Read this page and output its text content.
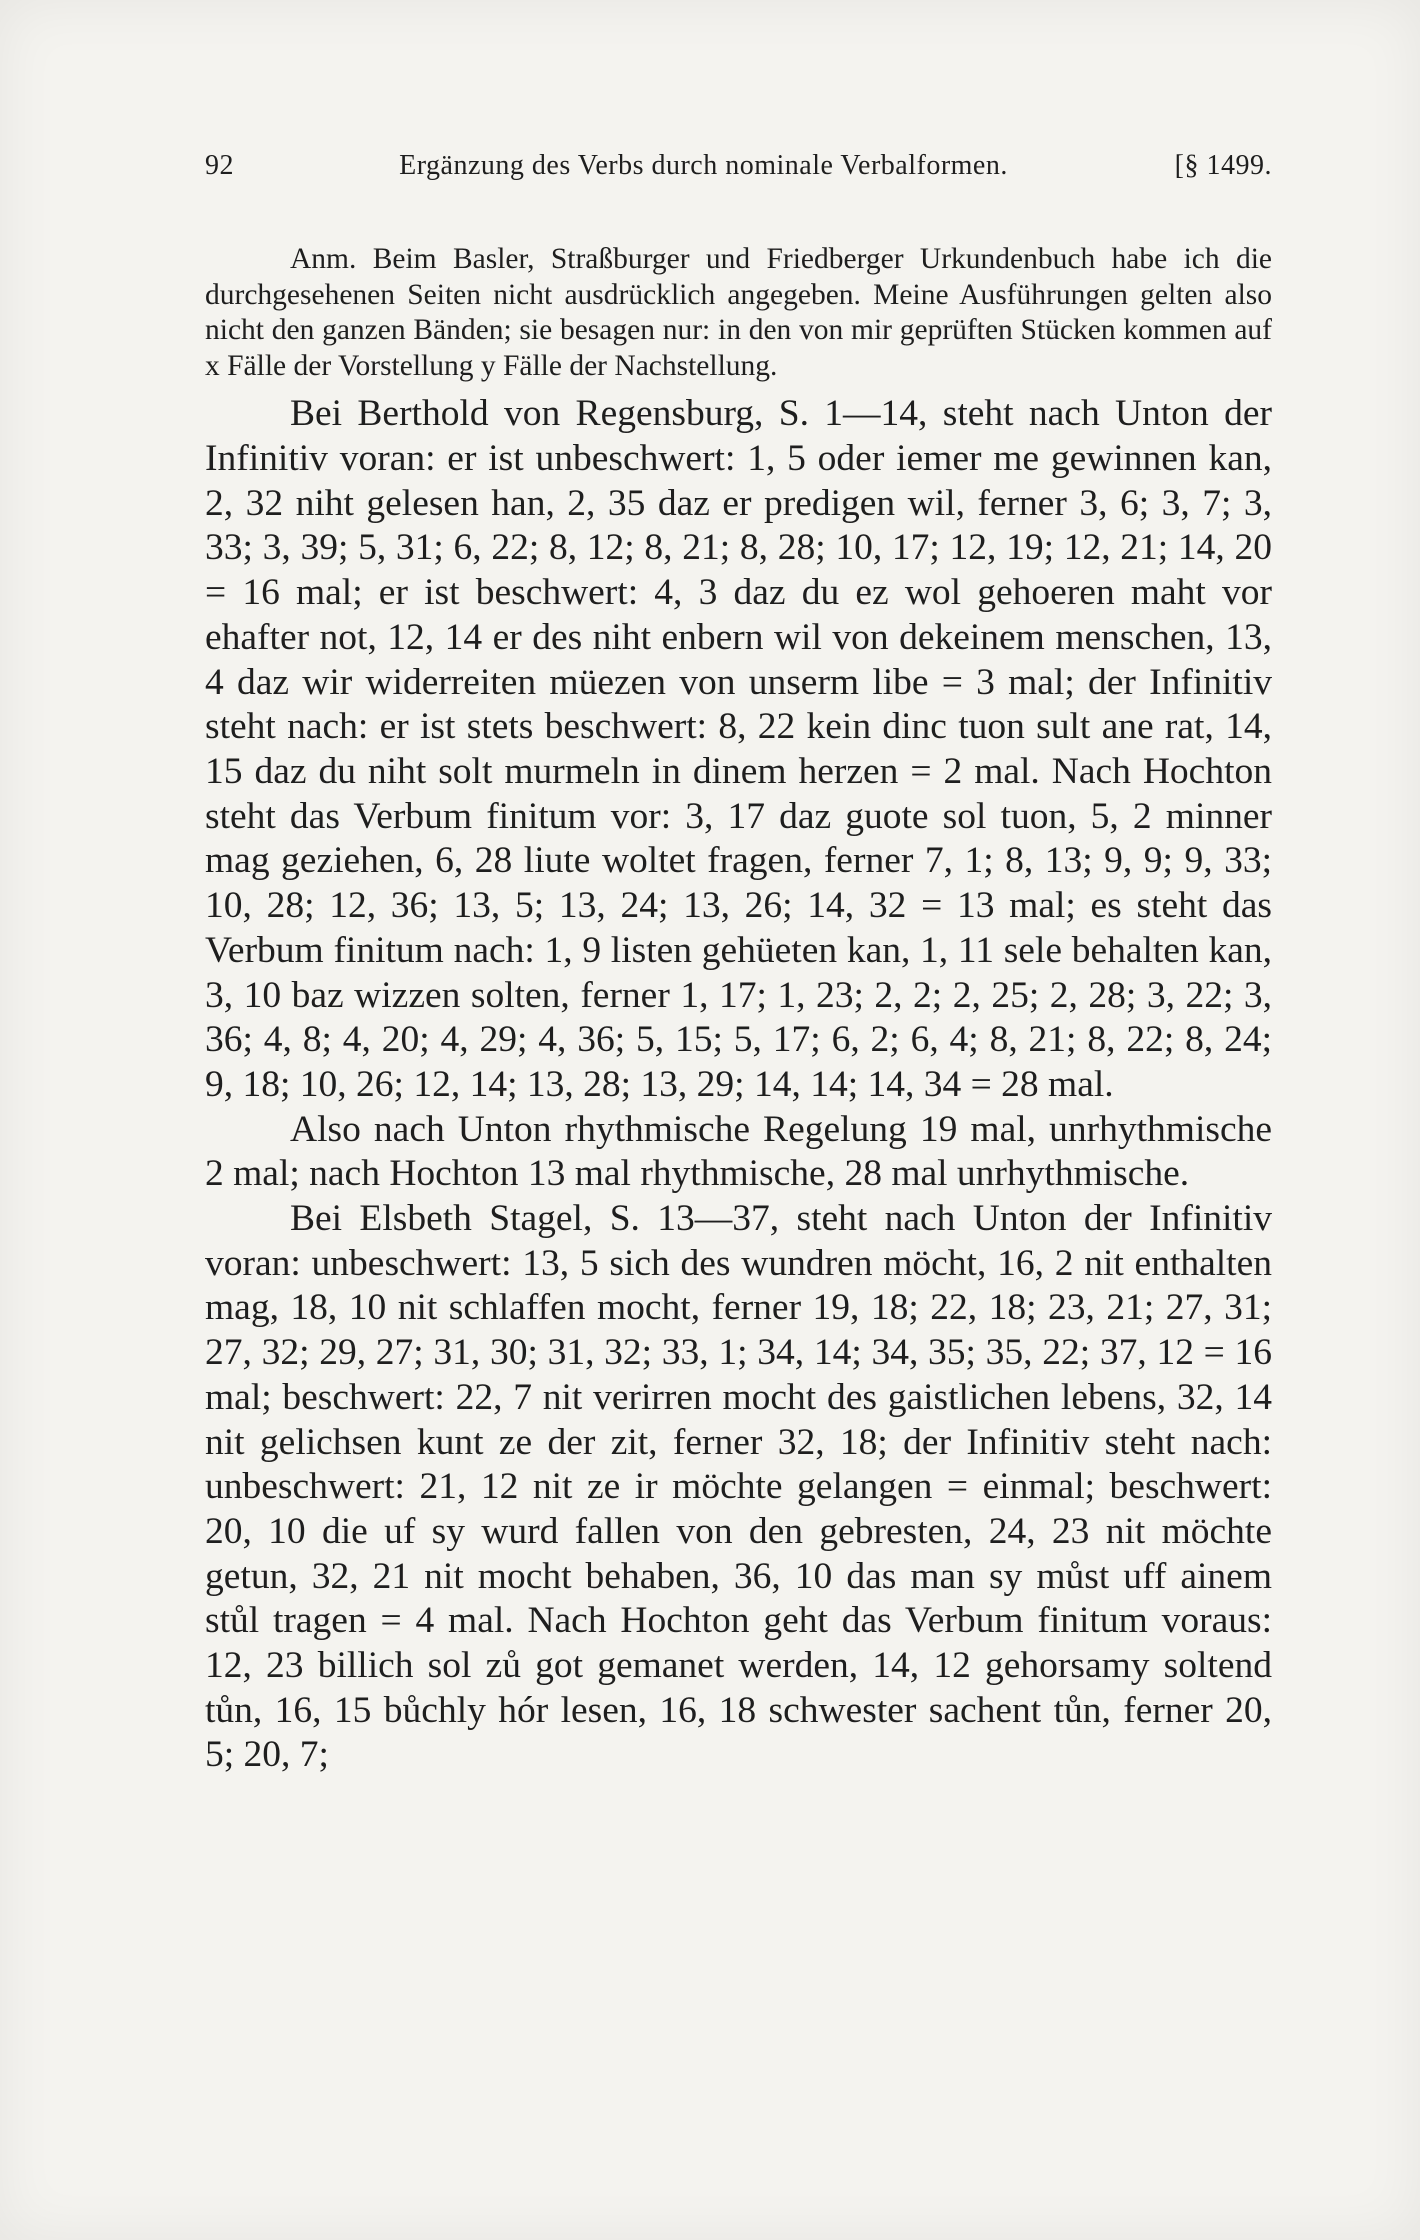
92	Ergänzung des Verbs durch nominale Verbalformen.	[§ 1499.

Anm. Beim Basler, Straßburger und Friedberger Urkundenbuch habe ich die durchgesehenen Seiten nicht ausdrücklich angegeben. Meine Ausführungen gelten also nicht den ganzen Bänden; sie besagen nur: in den von mir geprüften Stücken kommen auf x Fälle der Vorstellung y Fälle der Nachstellung.

Bei Berthold von Regensburg, S. 1—14, steht nach Unton der Infinitiv voran: er ist unbeschwert: 1, 5 oder iemer me gewinnen kan, 2, 32 niht gelesen han, 2, 35 daz er predigen wil, ferner 3, 6; 3, 7; 3, 33; 3, 39; 5, 31; 6, 22; 8, 12; 8, 21; 8, 28; 10, 17; 12, 19; 12, 21; 14, 20 = 16 mal; er ist beschwert: 4, 3 daz du ez wol gehoeren maht vor ehafter not, 12, 14 er des niht enbern wil von dekeinem menschen, 13, 4 daz wir widerreiten müezen von unserm libe = 3 mal; der Infinitiv steht nach: er ist stets beschwert: 8, 22 kein dinc tuon sult ane rat, 14, 15 daz du niht solt murmeln in dinem herzen = 2 mal. Nach Hochton steht das Verbum finitum vor: 3, 17 daz guote sol tuon, 5, 2 minner mag geziehen, 6, 28 liute woltet fragen, ferner 7, 1; 8, 13; 9, 9; 9, 33; 10, 28; 12, 36; 13, 5; 13, 24; 13, 26; 14, 32 = 13 mal; es steht das Verbum finitum nach: 1, 9 listen gehüeten kan, 1, 11 sele behalten kan, 3, 10 baz wizzen solten, ferner 1, 17; 1, 23; 2, 2; 2, 25; 2, 28; 3, 22; 3, 36; 4, 8; 4, 20; 4, 29; 4, 36; 5, 15; 5, 17; 6, 2; 6, 4; 8, 21; 8, 22; 8, 24; 9, 18; 10, 26; 12, 14; 13, 28; 13, 29; 14, 14; 14, 34 = 28 mal.

Also nach Unton rhythmische Regelung 19 mal, unrhythmische 2 mal; nach Hochton 13 mal rhythmische, 28 mal unrhythmische.

Bei Elsbeth Stagel, S. 13—37, steht nach Unton der Infinitiv voran: unbeschwert: 13, 5 sich des wundren möcht, 16, 2 nit enthalten mag, 18, 10 nit schlaffen mocht, ferner 19, 18; 22, 18; 23, 21; 27, 31; 27, 32; 29, 27; 31, 30; 31, 32; 33, 1; 34, 14; 34, 35; 35, 22; 37, 12 = 16 mal; beschwert: 22, 7 nit verirren mocht des gaistlichen lebens, 32, 14 nit gelichsen kunt ze der zit, ferner 32, 18; der Infinitiv steht nach: unbeschwert: 21, 12 nit ze ir möchte gelangen = einmal; beschwert: 20, 10 die uf sy wurd fallen von den gebresten, 24, 23 nit möchte getun, 32, 21 nit mocht behaben, 36, 10 das man sy můst uff ainem stůl tragen = 4 mal. Nach Hochton geht das Verbum finitum voraus: 12, 23 billich sol zů got gemanet werden, 14, 12 gehorsamy soltend tůn, 16, 15 bůchly hór lesen, 16, 18 schwester sachent tůn, ferner 20, 5; 20, 7;
